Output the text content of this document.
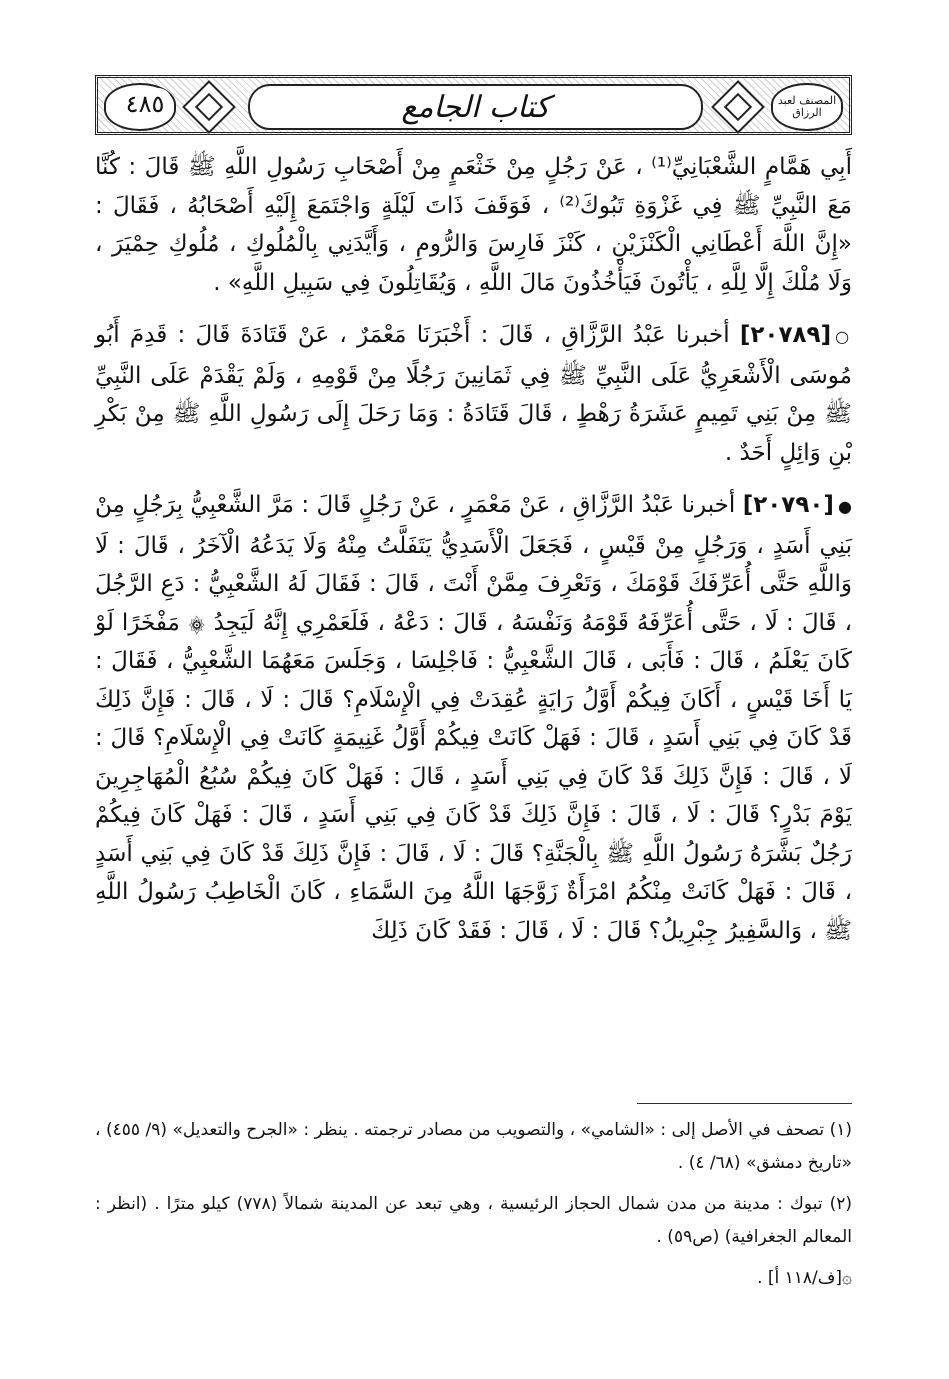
المصنف لعبد الرزاق
كتاب الجامع
٤٨٥

أَبِي هَمَّامٍ الشَّعْبَانِيِّ⁽¹⁾ ، عَنْ رَجُلٍ مِنْ خَثْعَمٍ مِنْ أَصْحَابِ رَسُولِ اللَّهِ ﷺ قَالَ : كُنَّا مَعَ النَّبِيِّ ﷺ فِي غَزْوَةِ تَبُوكَ⁽²⁾ ، فَوَقَفَ ذَاتَ لَيْلَةٍ وَاجْتَمَعَ إِلَيْهِ أَصْحَابُهُ ، فَقَالَ : «إِنَّ اللَّهَ أَعْطَانِي الْكَنْزَيْنِ ، كَنْزَ فَارِسَ وَالرُّومِ ، وَأَيَّدَنِي بِالْمُلُوكِ ، مُلُوكِ حِمْيَرَ ، وَلَا مُلْكَ إِلَّا لِلَّهِ ، يَأْتُونَ فَيَأْخُذُونَ مَالَ اللَّهِ ، وَيُقَاتِلُونَ فِي سَبِيلِ اللَّهِ» .

○[٢٠٧٨٩] أخبرنا عَبْدُ الرَّزَّاقِ ، قَالَ : أَخْبَرَنَا مَعْمَرٌ ، عَنْ قَتَادَةَ قَالَ : قَدِمَ أَبُو مُوسَى الْأَشْعَرِيُّ عَلَى النَّبِيِّ ﷺ فِي ثَمَانِينَ رَجُلًا مِنْ قَوْمِهِ ، وَلَمْ يَقْدَمْ عَلَى النَّبِيِّ ﷺ مِنْ بَنِي تَمِيمٍ عَشَرَةُ رَهْطٍ ، قَالَ قَتَادَةُ : وَمَا رَحَلَ إِلَى رَسُولِ اللَّهِ ﷺ مِنْ بَكْرِ بْنِ وَائِلٍ أَحَدٌ .

●[٢٠٧٩٠] أخبرنا عَبْدُ الرَّزَّاقِ ، عَنْ مَعْمَرٍ ، عَنْ رَجُلٍ قَالَ : مَرَّ الشَّعْبِيُّ بِرَجُلٍ مِنْ بَنِي أَسَدٍ ، وَرَجُلٍ مِنْ قَيْسٍ ، فَجَعَلَ الْأَسَدِيُّ يَتَفَلَّتُ مِنْهُ وَلَا يَدَعُهُ الْآخَرُ ، قَالَ : لَا وَاللَّهِ حَتَّى أُعَرِّفَكَ قَوْمَكَ ، وَتَعْرِفَ مِمَّنْ أَنْتَ ، قَالَ : فَقَالَ لَهُ الشَّعْبِيُّ : دَعِ الرَّجُلَ ، قَالَ : لَا ، حَتَّى أُعَرِّفَهُ قَوْمَهُ وَنَفْسَهُ ، قَالَ : دَعْهُ ، فَلَعَمْرِي إِنَّهُ لَيَجِدُ ۞ مَفْخَرًا لَوْ كَانَ يَعْلَمُ ، قَالَ : فَأَبَى ، قَالَ الشَّعْبِيُّ : فَاجْلِسَا ، وَجَلَسَ مَعَهُمَا الشَّعْبِيُّ ، فَقَالَ : يَا أَخَا قَيْسٍ ، أَكَانَ فِيكُمْ أَوَّلُ رَايَةٍ عُقِدَتْ فِي الْإِسْلَامِ؟ قَالَ : لَا ، قَالَ : فَإِنَّ ذَلِكَ قَدْ كَانَ فِي بَنِي أَسَدٍ ، قَالَ : فَهَلْ كَانَتْ فِيكُمْ أَوَّلُ غَنِيمَةٍ كَانَتْ فِي الْإِسْلَامِ؟ قَالَ : لَا ، قَالَ : فَإِنَّ ذَلِكَ قَدْ كَانَ فِي بَنِي أَسَدٍ ، قَالَ : فَهَلْ كَانَ فِيكُمْ سُبُعُ الْمُهَاجِرِينَ يَوْمَ بَدْرٍ؟ قَالَ : لَا ، قَالَ : فَإِنَّ ذَلِكَ قَدْ كَانَ فِي بَنِي أَسَدٍ ، قَالَ : فَهَلْ كَانَ فِيكُمْ رَجُلٌ بَشَّرَهُ رَسُولُ اللَّهِ ﷺ بِالْجَنَّةِ؟ قَالَ : لَا ، قَالَ : فَإِنَّ ذَلِكَ قَدْ كَانَ فِي بَنِي أَسَدٍ ، قَالَ : فَهَلْ كَانَتْ مِنْكُمُ امْرَأَةٌ زَوَّجَهَا اللَّهُ مِنَ السَّمَاءِ ، كَانَ الْخَاطِبُ رَسُولُ اللَّهِ ﷺ ، وَالسَّفِيرُ جِبْرِيلُ؟ قَالَ : لَا ، قَالَ : فَقَدْ كَانَ ذَلِكَ

(١) تصحف في الأصل إلى : «الشامي» ، والتصويب من مصادر ترجمته . ينظر : «الجرح والتعديل» (٩/ ٤٥٥) ، «تاريخ دمشق» (٦٨/ ٤) .

(٢) تبوك : مدينة من مدن شمال الحجاز الرئيسية ، وهي تبعد عن المدينة شمالاً (٧٧٨) كيلو مترًا . (انظر : المعالم الجغرافية) (ص٥٩) .

۞[ف/١١٨ أ] .
